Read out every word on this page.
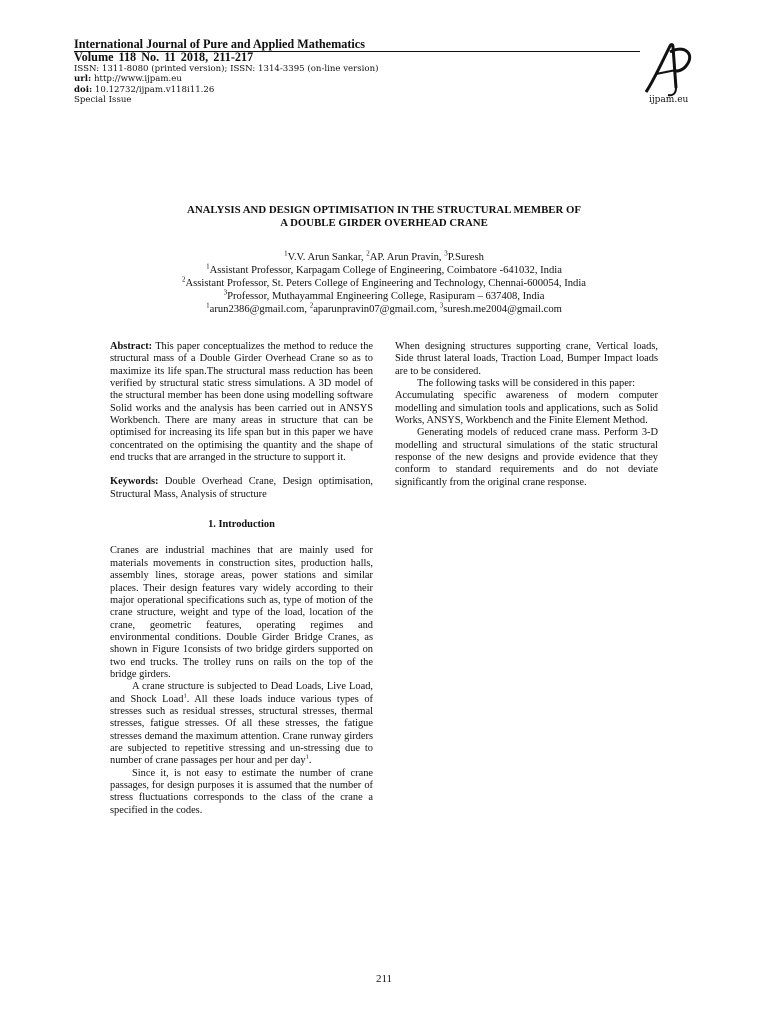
International Journal of Pure and Applied Mathematics
Volume 118 No. 11 2018, 211-217
ISSN: 1311-8080 (printed version); ISSN: 1314-3395 (on-line version)
url: http://www.ijpam.eu
doi: 10.12732/ijpam.v118i11.26
Special Issue	ijpam.eu
ANALYSIS AND DESIGN OPTIMISATION IN THE STRUCTURAL MEMBER OF
A DOUBLE GIRDER OVERHEAD CRANE
$^1$V.V. Arun Sankar, $^2$AP. Arun Pravin, $^3$P.Suresh
$^1$Assistant Professor, Karpagam College of Engineering, Coimbatore -641032, India
$^2$Assistant Professor, St. Peters College of Engineering and Technology, Chennai-600054, India
$^3$Professor, Muthayammal Engineering College, Rasipuram – 637408, India
$^1$arun2386@gmail.com, $^2$aparunpravin07@gmail.com, $^3$suresh.me2004@gmail.com

Abstract: This paper conceptualizes the method to reduce the structural mass of a Double Girder Overhead Crane so as to maximize its life span.The structural mass reduction has been verified by structural static stress simulations. A 3D model of the structural member has been done using modelling software Solid works and the analysis has been carried out in ANSYS Workbench. There are many areas in structure that can be optimised for increasing its life span but in this paper we have concentrated on the optimising the quantity and the shape of end trucks that are arranged in the structure to support it.

Keywords: Double Overhead Crane, Design optimisation, Structural Mass, Analysis of structure

1. Introduction

Cranes are industrial machines that are mainly used for materials movements in construction sites, production halls, assembly lines, storage areas, power stations and similar places. Their design features vary widely according to their major operational specifications such as, type of motion of the crane structure, weight and type of the load, location of the crane, geometric features, operating regimes and environmental conditions. Double Girder Bridge Cranes, as shown in Figure 1consists of two bridge girders supported on two end trucks. The trolley runs on rails on the top of the bridge girders.

A crane structure is subjected to Dead Loads, Live Load, and Shock Load$^1$. All these loads induce various types of stresses such as residual stresses, structural stresses, thermal stresses, fatigue stresses. Of all these stresses, the fatigue stresses demand the maximum attention. Crane runway girders are subjected to repetitive stressing and un-stressing due to number of crane passages per hour and per day$^1$.

Since it, is not easy to estimate the number of crane passages, for design purposes it is assumed that the number of stress fluctuations corresponds to the class of the crane a specified in the codes.

When designing structures supporting crane, Vertical loads, Side thrust lateral loads, Traction Load, Bumper Impact loads are to be considered.

The following tasks will be considered in this paper:

Accumulating specific awareness of modern computer modelling and simulation tools and applications, such as Solid Works, ANSYS, Workbench and the Finite Element Method.

Generating models of reduced crane mass. Perform 3-D modelling and structural simulations of the static structural response of the new designs and provide evidence that they conform to standard requirements and do not deviate significantly from the original crane response.

211
